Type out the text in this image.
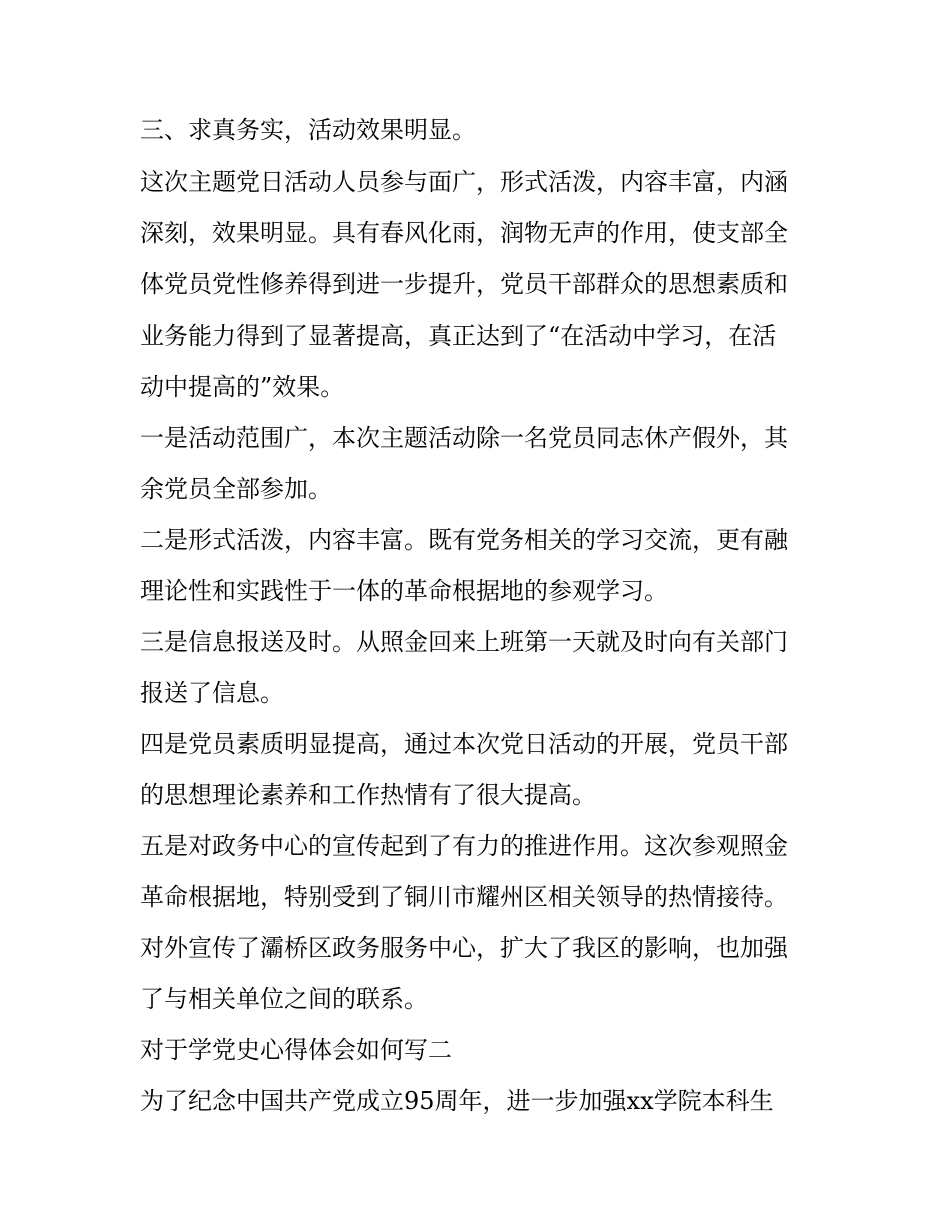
三、求真务实，活动效果明显。
这次主题党日活动人员参与面广，形式活泼，内容丰富，内涵
深刻，效果明显。具有春风化雨，润物无声的作用，使支部全
体党员党性修养得到进一步提升，党员干部群众的思想素质和
业务能力得到了显著提高，真正达到了“在活动中学习，在活
动中提高的”效果。
一是活动范围广，本次主题活动除一名党员同志休产假外，其
余党员全部参加。
二是形式活泼，内容丰富。既有党务相关的学习交流，更有融
理论性和实践性于一体的革命根据地的参观学习。
三是信息报送及时。从照金回来上班第一天就及时向有关部门
报送了信息。
四是党员素质明显提高，通过本次党日活动的开展，党员干部
的思想理论素养和工作热情有了很大提高。
五是对政务中心的宣传起到了有力的推进作用。这次参观照金
革命根据地，特别受到了铜川市耀州区相关领导的热情接待。
对外宣传了灞桥区政务服务中心，扩大了我区的影响，也加强
了与相关单位之间的联系。
对于学党史心得体会如何写二
为了纪念中国共产党成立95周年，进一步加强xx学院本科生
